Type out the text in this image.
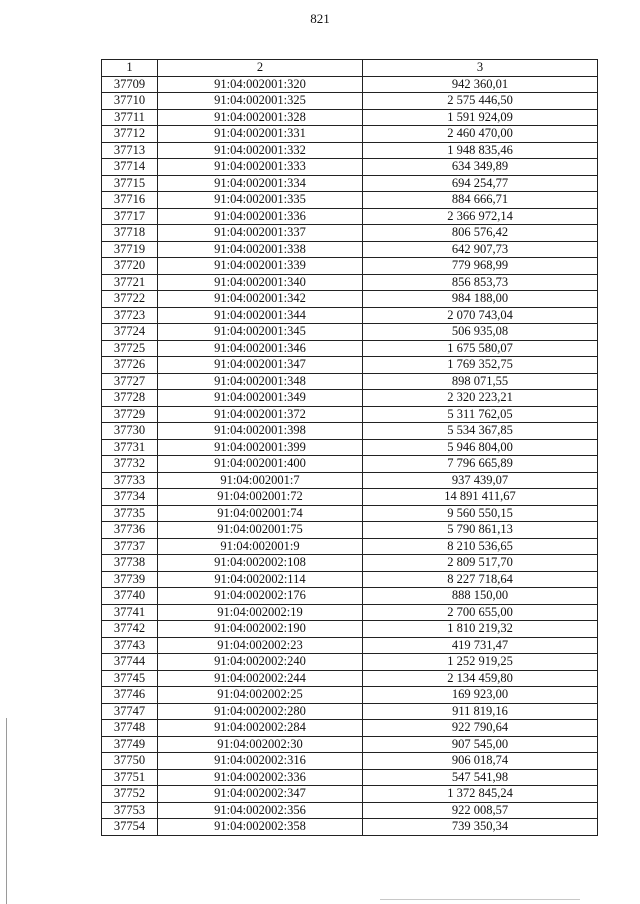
821
1	2	3
37709	91:04:002001:320	942 360,01
37710	91:04:002001:325	2 575 446,50
37711	91:04:002001:328	1 591 924,09
37712	91:04:002001:331	2 460 470,00
37713	91:04:002001:332	1 948 835,46
37714	91:04:002001:333	634 349,89
37715	91:04:002001:334	694 254,77
37716	91:04:002001:335	884 666,71
37717	91:04:002001:336	2 366 972,14
37718	91:04:002001:337	806 576,42
37719	91:04:002001:338	642 907,73
37720	91:04:002001:339	779 968,99
37721	91:04:002001:340	856 853,73
37722	91:04:002001:342	984 188,00
37723	91:04:002001:344	2 070 743,04
37724	91:04:002001:345	506 935,08
37725	91:04:002001:346	1 675 580,07
37726	91:04:002001:347	1 769 352,75
37727	91:04:002001:348	898 071,55
37728	91:04:002001:349	2 320 223,21
37729	91:04:002001:372	5 311 762,05
37730	91:04:002001:398	5 534 367,85
37731	91:04:002001:399	5 946 804,00
37732	91:04:002001:400	7 796 665,89
37733	91:04:002001:7	937 439,07
37734	91:04:002001:72	14 891 411,67
37735	91:04:002001:74	9 560 550,15
37736	91:04:002001:75	5 790 861,13
37737	91:04:002001:9	8 210 536,65
37738	91:04:002002:108	2 809 517,70
37739	91:04:002002:114	8 227 718,64
37740	91:04:002002:176	888 150,00
37741	91:04:002002:19	2 700 655,00
37742	91:04:002002:190	1 810 219,32
37743	91:04:002002:23	419 731,47
37744	91:04:002002:240	1 252 919,25
37745	91:04:002002:244	2 134 459,80
37746	91:04:002002:25	169 923,00
37747	91:04:002002:280	911 819,16
37748	91:04:002002:284	922 790,64
37749	91:04:002002:30	907 545,00
37750	91:04:002002:316	906 018,74
37751	91:04:002002:336	547 541,98
37752	91:04:002002:347	1 372 845,24
37753	91:04:002002:356	922 008,57
37754	91:04:002002:358	739 350,34
